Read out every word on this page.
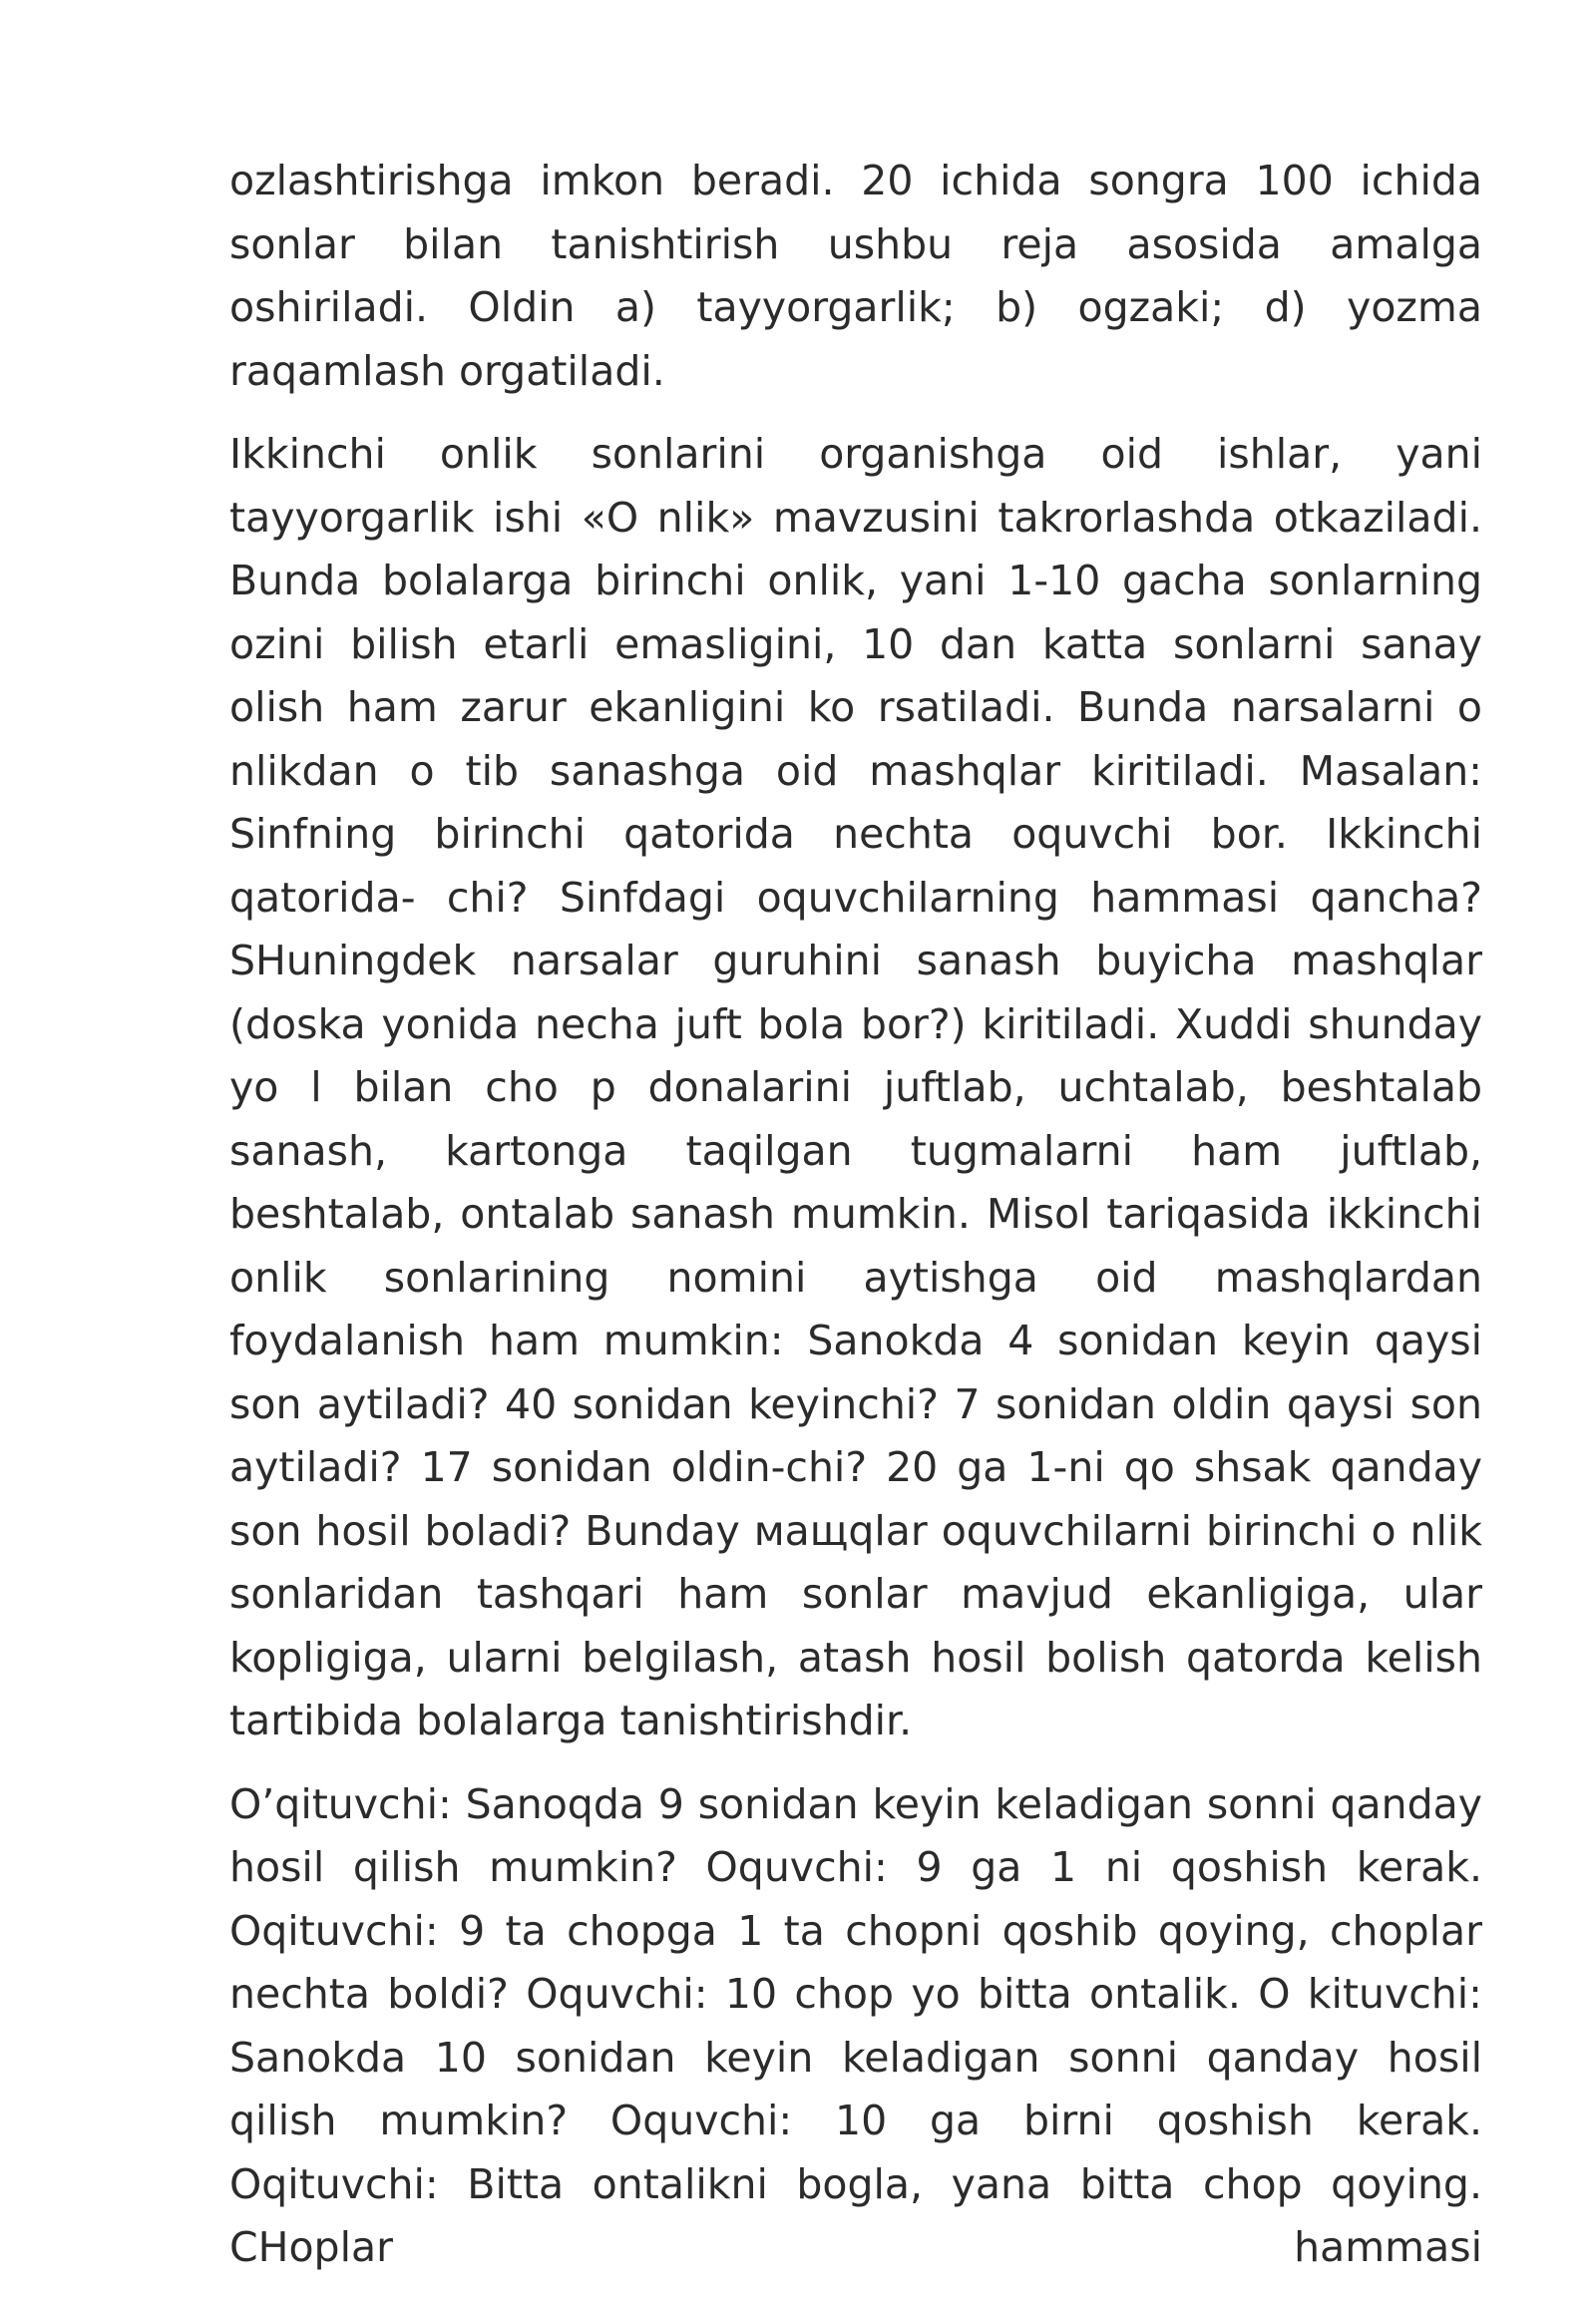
ozlashtirishga imkon beradi. 20 ichida songra 100 ichida sonlar bilan tanishtirish ushbu reja asosida amalga oshiriladi. Oldin a) tayyorgarlik; b) ogzaki; d) yozma raqamlash orgatiladi.

Ikkinchi onlik sonlarini organishga oid ishlar, yani tayyorgarlik ishi «O nlik» mavzusini takrorlashda otkaziladi. Bunda bolalarga birinchi onlik, yani 1-10 gacha sonlarning ozini bilish etarli emasligini, 10 dan katta sonlarni sanay olish ham zarur ekanligini ko rsatiladi. Bunda narsalarni o nlikdan o tib sanashga oid mashqlar kiritiladi. Masalan: Sinfning birinchi qatorida nechta oquvchi bor. Ikkinchi qatorida- chi? Sinfdagi oquvchilarning hammasi qancha? SHuningdek narsalar guruhini sanash buyicha mashqlar (doska yonida necha juft bola bor?) kiritiladi. Xuddi shunday yo l bilan cho p donalarini juftlab, uchtalab, beshtalab sanash, kartonga taqilgan tugmalarni ham juftlab, beshtalab, ontalab sanash mumkin. Misol tariqasida ikkinchi onlik sonlarining nomini aytishga oid mashqlardan foydalanish ham mumkin: Sanokda 4 sonidan keyin qaysi son aytiladi? 40 sonidan keyinchi? 7 sonidan oldin qaysi son aytiladi? 17 sonidan oldin-chi? 20 ga 1-ni qo shsak qanday son hosil boladi? Bunday мащqlar oquvchilarni birinchi o nlik sonlaridan tashqari ham sonlar mavjud ekanligiga, ular kopligiga, ularni belgilash, atash hosil bolish qatorda kelish tartibida bolalarga tanishtirishdir.

O’qituvchi: Sanoqda 9 sonidan keyin keladigan sonni qanday hosil qilish mumkin? Oquvchi: 9 ga 1 ni qoshish kerak. Oqituvchi: 9 ta chopga 1 ta chopni qoshib qoying, choplar nechta boldi? Oquvchi: 10 chop yo bitta ontalik. O kituvchi: Sanokda 10 sonidan keyin keladigan sonni qanday hosil qilish mumkin? Oquvchi: 10 ga birni qoshish kerak. Oqituvchi: Bitta ontalikni bogla, yana bitta chop qoying. CHoplar hammasi
